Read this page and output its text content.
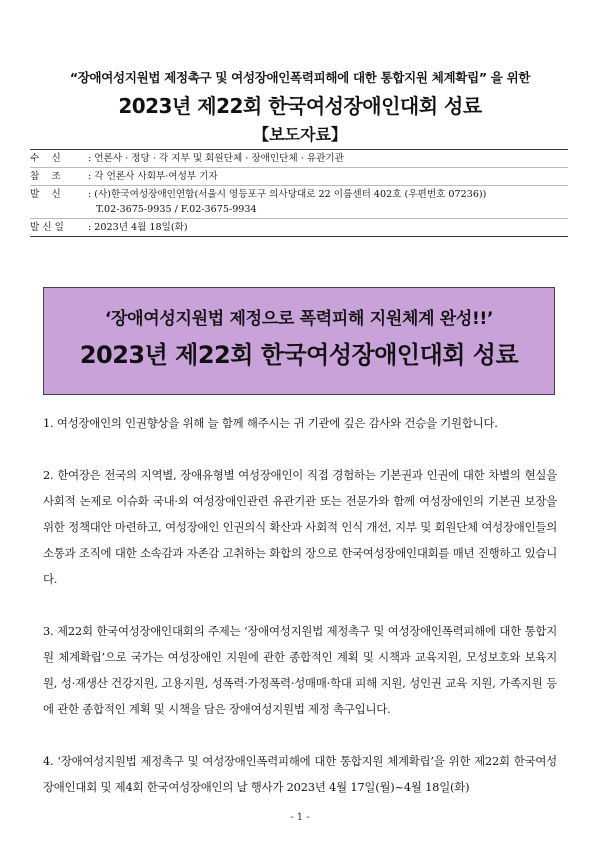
“장애여성지원법 제정촉구 및 여성장애인폭력피해에 대한 통합지원 체계확립” 을 위한
2023년 제22회 한국여성장애인대회 성료
【보도자료】
수    신	: 언론사 · 정당 · 각 지부 및 회원단체 · 장애인단체 · 유관기관
참    조	: 각 언론사 사회부·여성부 기자
발    신	: (사)한국여성장애인연합(서울시 영등포구 의사당대로 22 이룸센터 402호 (우편번호 07236))
T.02-3675-9935 / F.02-3675-9934
발 신 일	: 2023년 4월 18일(화)
‘장애여성지원법 제정으로 폭력피해 지원체계 완성!!’
2023년 제22회 한국여성장애인대회 성료

1. 여성장애인의 인권향상을 위해 늘 함께 해주시는 귀 기관에 깊은 감사와 건승을 기원합니다.

2. 한여장은 전국의 지역별, 장애유형별 여성장애인이 직접 경험하는 기본권과 인권에 대한 차별의 현실을 사회적 논제로 이슈화 국내·외 여성장애인관련 유관기관 또는 전문가와 함께 여성장애인의 기본권 보장을 위한 정책대안 마련하고, 여성장애인 인권의식 확산과 사회적 인식 개선, 지부 및 회원단체 여성장애인들의 소통과 조직에 대한 소속감과 자존감 고취하는 화합의 장으로 한국여성장애인대회를 매년 진행하고 있습니다.

3. 제22회 한국여성장애인대회의 주제는 ‘장애여성지원법 제정촉구 및 여성장애인폭력피해에 대한 통합지원 체계확립’으로 국가는 여성장애인 지원에 관한 종합적인 계획 및 시책과 교육지원, 모성보호와 보육지원, 성·재생산 건강지원, 고용지원, 성폭력·가정폭력·성매매·학대 피해 지원, 성인권 교육 지원, 가족지원 등에 관한 종합적인 계획 및 시책을 담은 장애여성지원법 제정 촉구입니다.

4. ‘장애여성지원법 제정촉구 및 여성장애인폭력피해에 대한 통합지원 체계확립’을 위한 제22회 한국여성장애인대회 및 제4회 한국여성장애인의 날 행사가 2023년 4월 17일(월)~4월 18일(화)

- 1 -
